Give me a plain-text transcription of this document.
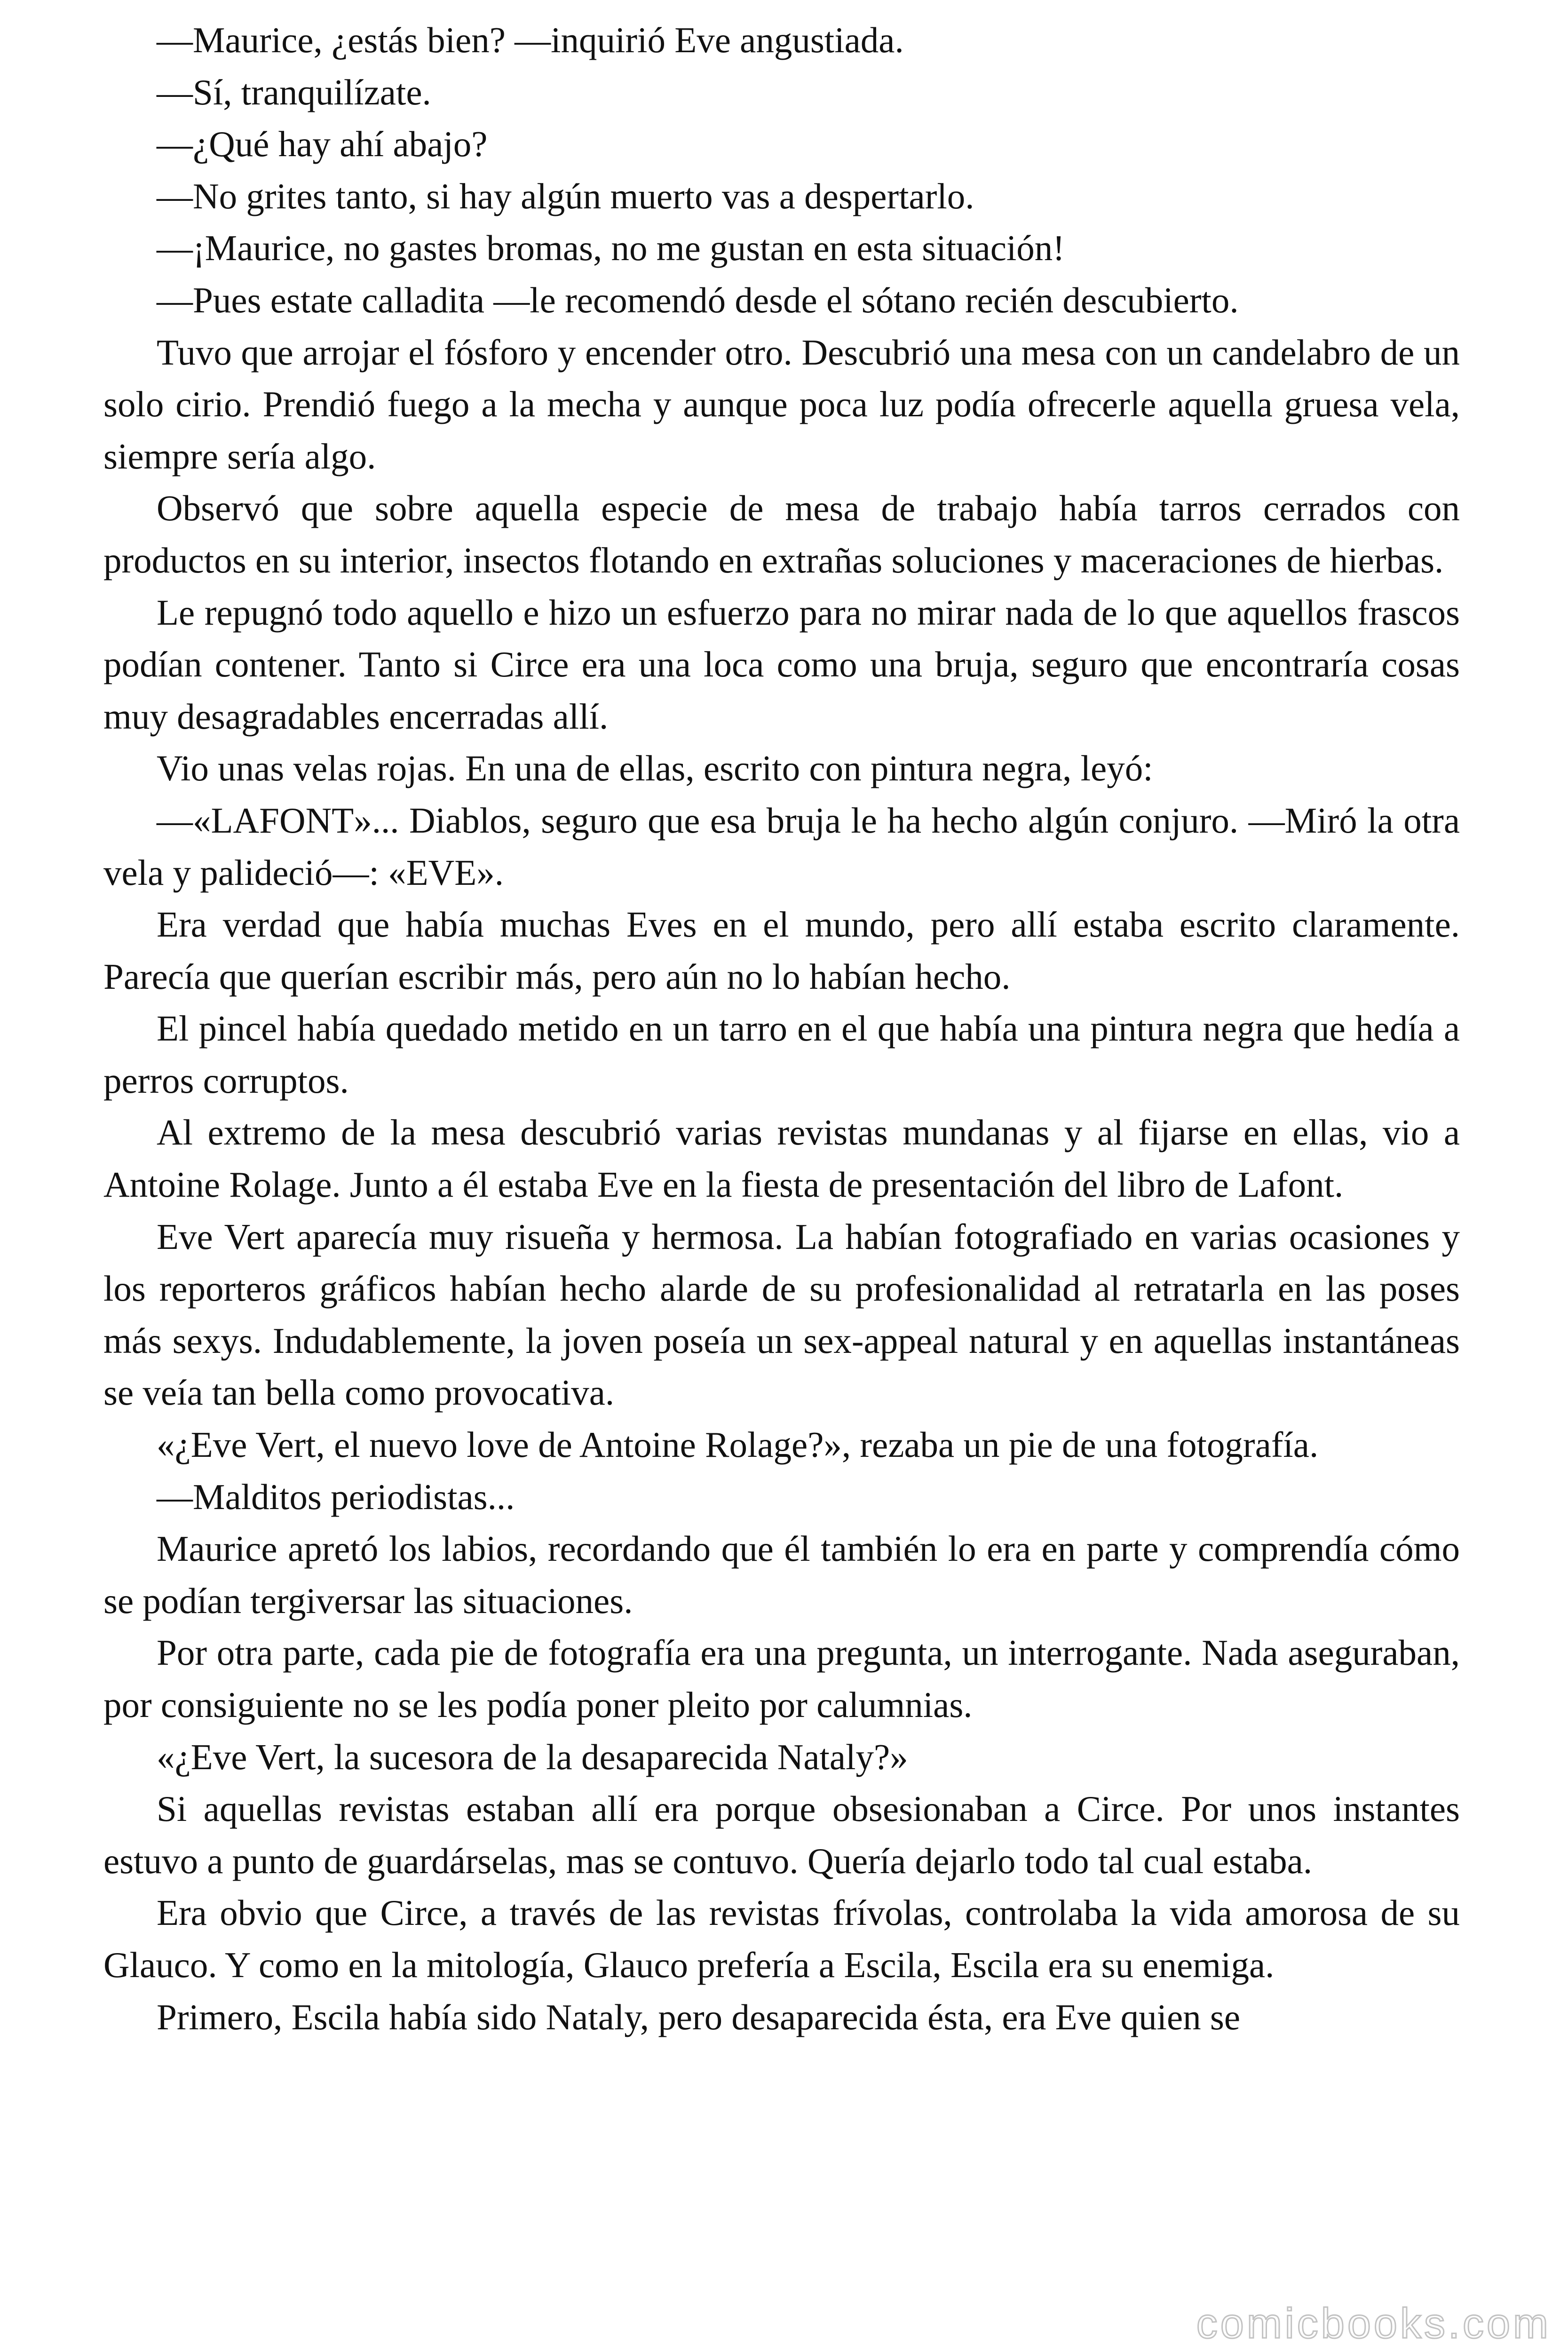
—Maurice, ¿estás bien? —inquirió Eve angustiada.

—Sí, tranquilízate.

—¿Qué hay ahí abajo?

—No grites tanto, si hay algún muerto vas a despertarlo.

—¡Maurice, no gastes bromas, no me gustan en esta situación!

—Pues estate calladita —le recomendó desde el sótano recién descubierto.

Tuvo que arrojar el fósforo y encender otro. Descubrió una mesa con un candelabro de un solo cirio. Prendió fuego a la mecha y aunque poca luz podía ofrecerle aquella gruesa vela, siempre sería algo.

Observó que sobre aquella especie de mesa de trabajo había tarros cerrados con productos en su interior, insectos flotando en extrañas soluciones y maceraciones de hierbas.

Le repugnó todo aquello e hizo un esfuerzo para no mirar nada de lo que aquellos frascos podían contener. Tanto si Circe era una loca como una bruja, seguro que encontraría cosas muy desagradables encerradas allí.

Vio unas velas rojas. En una de ellas, escrito con pintura negra, leyó:

—«LAFONT»... Diablos, seguro que esa bruja le ha hecho algún conjuro. —Miró la otra vela y palideció—: «EVE».

Era verdad que había muchas Eves en el mundo, pero allí estaba escrito claramente. Parecía que querían escribir más, pero aún no lo habían hecho.

El pincel había quedado metido en un tarro en el que había una pintura negra que hedía a perros corruptos.

Al extremo de la mesa descubrió varias revistas mundanas y al fijarse en ellas, vio a Antoine Rolage. Junto a él estaba Eve en la fiesta de presentación del libro de Lafont.

Eve Vert aparecía muy risueña y hermosa. La habían fotografiado en varias ocasiones y los reporteros gráficos habían hecho alarde de su profesionalidad al retratarla en las poses más sexys. Indudablemente, la joven poseía un sex-appeal natural y en aquellas instantáneas se veía tan bella como provocativa.

«¿Eve Vert, el nuevo love de Antoine Rolage?», rezaba un pie de una fotografía.

—Malditos periodistas...

Maurice apretó los labios, recordando que él también lo era en parte y comprendía cómo se podían tergiversar las situaciones.

Por otra parte, cada pie de fotografía era una pregunta, un interrogante. Nada aseguraban, por consiguiente no se les podía poner pleito por calumnias.

«¿Eve Vert, la sucesora de la desaparecida Nataly?»

Si aquellas revistas estaban allí era porque obsesionaban a Circe. Por unos instantes estuvo a punto de guardárselas, mas se contuvo. Quería dejarlo todo tal cual estaba.

Era obvio que Circe, a través de las revistas frívolas, controlaba la vida amorosa de su Glauco. Y como en la mitología, Glauco prefería a Escila, Escila era su enemiga.

Primero, Escila había sido Nataly, pero desaparecida ésta, era Eve quien se

comicbooks.com
